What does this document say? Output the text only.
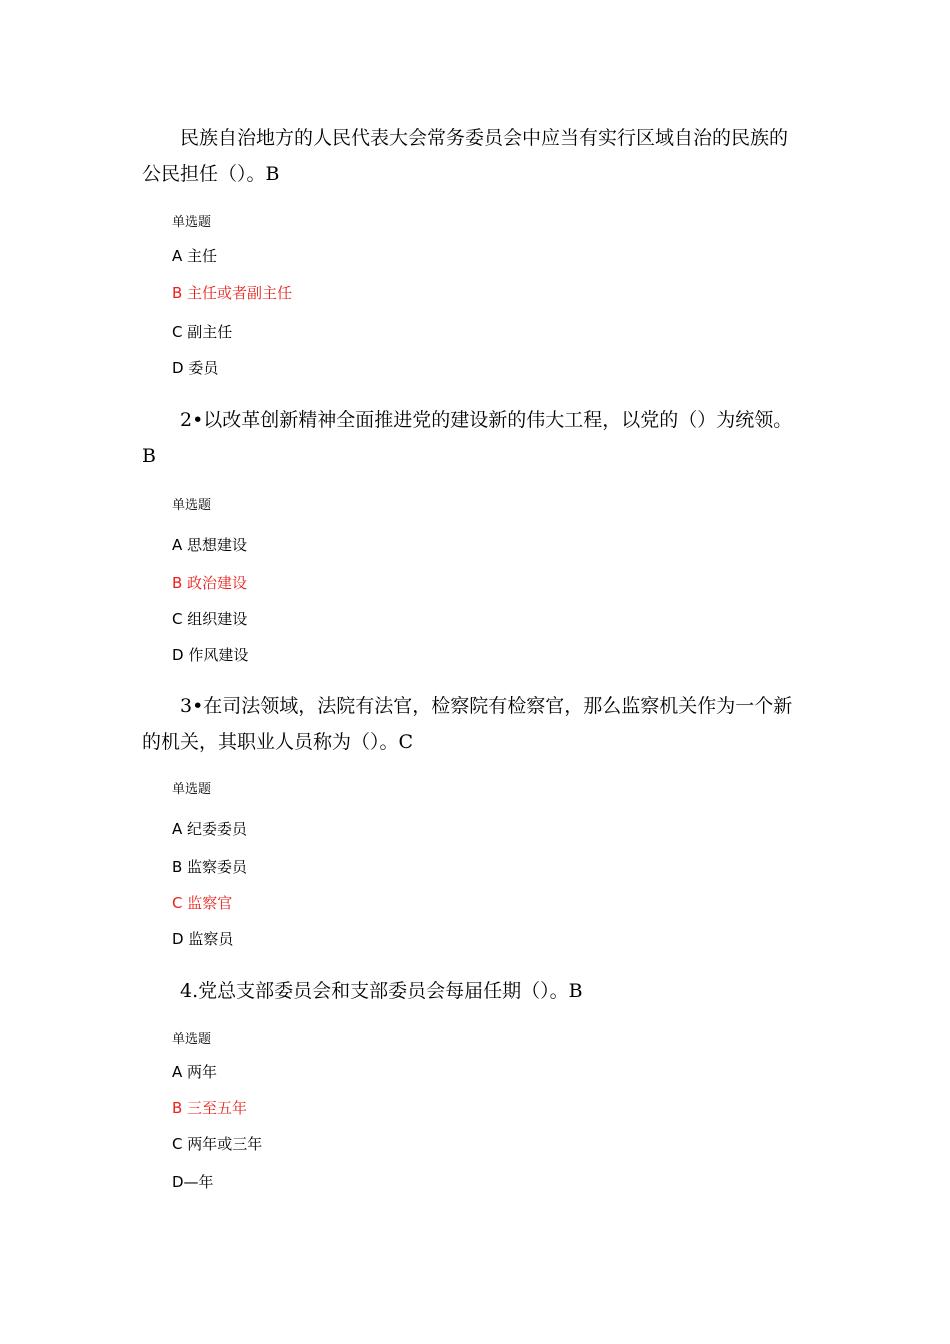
民族自治地方的人民代表大会常务委员会中应当有实行区域自治的民族的
公民担任（）。B
单选题
A 主任
B 主任或者副主任
C 副主任
D 委员
2•以改革创新精神全面推进党的建设新的伟大工程，以党的（）为统领。
B
单选题
A 思想建设
B 政治建设
C 组织建设
D 作风建设
3•在司法领域，法院有法官，检察院有检察官，那么监察机关作为一个新
的机关，其职业人员称为（）。C
单选题
A 纪委委员
B 监察委员
C 监察官
D 监察员
4.党总支部委员会和支部委员会每届任期（）。B
单选题
A 两年
B 三至五年
C 两年或三年
D—年
